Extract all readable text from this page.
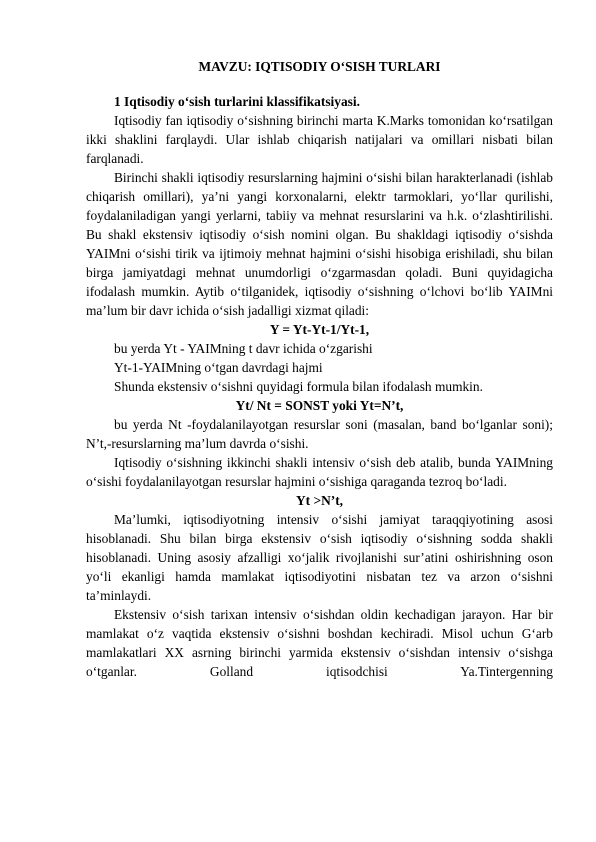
MAVZU: IQTISODIY O‘SISH TURLARI

1 Iqtisodiy o‘sish turlarini klassifikatsiyasi.

Iqtisodiy fan iqtisodiy o‘sishning birinchi marta K.Marks tomonidan ko‘rsatilgan ikki shaklini farqlaydi. Ular ishlab chiqarish natijalari va omillari nisbati bilan farqlanadi.

Birinchi shakli iqtisodiy resurslarning hajmini o‘sishi bilan harakterlanadi (ishlab chiqarish omillari), ya’ni yangi korxonalarni, elektr tarmoklari, yo‘llar qurilishi, foydalaniladigan yangi yerlarni, tabiiy va mehnat resurslarini va h.k. o‘zlashtirilishi. Bu shakl ekstensiv iqtisodiy o‘sish nomini olgan. Bu shakldagi iqtisodiy o‘sishda YAIMni o‘sishi tirik va ijtimoiy mehnat hajmini o‘sishi hisobiga erishiladi, shu bilan birga jamiyatdagi mehnat unumdorligi o‘zgarmasdan qoladi. Buni quyidagicha ifodalash mumkin. Aytib o‘tilganidek, iqtisodiy o‘sishning o‘lchovi bo‘lib YAIMni ma’lum bir davr ichida o‘sish jadalligi xizmat qiladi:

Y = Yt-Yt-1/Yt-1,

bu yerda Yt - YAIMning t davr ichida o‘zgarishi

Yt-1-YAIMning o‘tgan davrdagi hajmi

Shunda ekstensiv o‘sishni quyidagi formula bilan ifodalash mumkin.

Yt/ Nt = SONST yoki Yt=N’t,

bu yerda Nt -foydalanilayotgan resurslar soni (masalan, band bo‘lganlar soni); N’t,-resurslarning ma’lum davrda o‘sishi.

Iqtisodiy o‘sishning ikkinchi shakli intensiv o‘sish deb atalib, bunda YAIMning o‘sishi foydalanilayotgan resurslar hajmini o‘sishiga qaraganda tezroq bo‘ladi.

Yt >N’t,

Ma’lumki, iqtisodiyotning intensiv o‘sishi jamiyat taraqqiyotining asosi hisoblanadi. Shu bilan birga ekstensiv o‘sish iqtisodiy o‘sishning sodda shakli hisoblanadi. Uning asosiy afzalligi xo‘jalik rivojlanishi sur’atini oshirishning oson yo‘li ekanligi hamda mamlakat iqtisodiyotini nisbatan tez va arzon o‘sishni ta’minlaydi.

Ekstensiv o‘sish tarixan intensiv o‘sishdan oldin kechadigan jarayon. Har bir mamlakat o‘z vaqtida ekstensiv o‘sishni boshdan kechiradi. Misol uchun G‘arb mamlakatlari XX asrning birinchi yarmida ekstensiv o‘sishdan intensiv o‘sishga o‘tganlar. Golland iqtisodchisi Ya.Tintergenning
